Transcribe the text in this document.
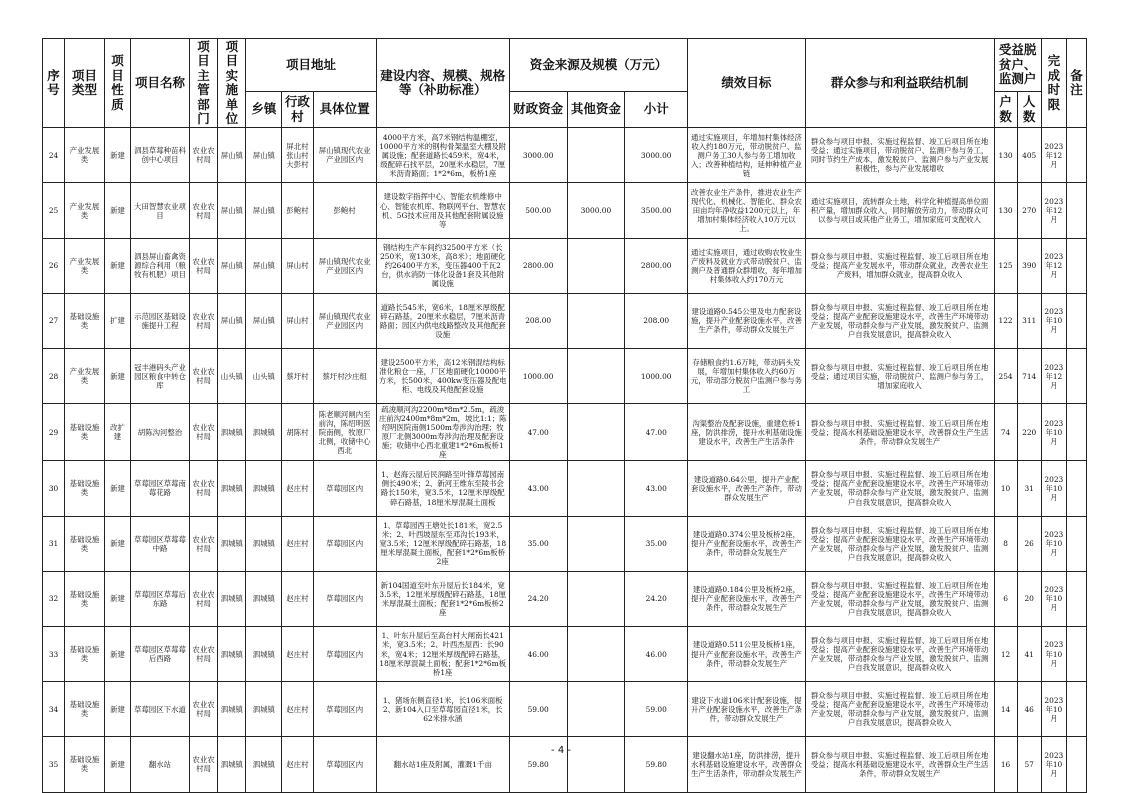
序号	项目类型	项目性质	项目名称	项目主管部门	项目实施单位	项目地址			建设内容、规模、规格等（补助标准）	资金来源及规模（万元）			绩效目标	群众参与和利益联结机制	受益脱贫户、监测户		完成时限	备注
						乡镇	行政村	具体位置		财政资金	其他资金	小计			户数	人数		
24	产业发展类	新建	泗县草莓种苗科创中心项目	农业农村局	屏山镇	屏山镇	屏北村 张山村 大彭村	屏山镇现代农业产业园区内	4000平方米，高7米钢结构温棚室，10000平方米的钢构骨架温室大棚及附属设施；配套道路长459米，宽4米，级配碎石找平层，20厘米水稳层，7厘米沥青路面；1*2*6m，板桥1座	3000.00		3000.00	通过实施项目，年增加村集体经济收入约180万元，带动脱贫户、监测户务工30人参与务工增加收入；改善种植结构，延伸种植产业链	群众参与项目申报、实施过程监督、竣工后项目所在地受益；通过实施项目，带动脱贫户、监测户参与务工，同时节约生产成本，激发脱贫户、监测户参与产业发展积极性，参与产业发展增收	130	405	2023年12月	
25	产业发展类	新建	大田智慧农业项目	农业农村局	屏山镇	屏山镇	彭鲍村	彭鲍村	建设数字指挥中心、智能农机维修中心、智能农机库、物联网平台、智慧农机、5G技术应用及其他配套附属设施等	500.00	3000.00	3500.00	改善农业生产条件，推进农业生产现代化、机械化、智能化、群众农田亩均年净收益1200元以上，年增加村集体经济收入10万元以上。	通过实施项目，流转群众土地，科学化种植提高单位面积产量，增加群众收入，同时解放劳动力，带动群众可以参与项目或其他产业务工，增加家庭可支配收入	130	270	2023年12月	
26	产业发展类	新建	泗县屏山畜禽资源综合利用（粮牧有机肥）项目	农业农村局	屏山镇	屏山镇	屏山村	屏山镇现代农业产业园区内	钢结构生产车间约32500平方米（长250米，宽130米，高8米）；地面硬化约26400平方米，变压器400千瓦2台，供水消防一体化设备1套及其他附属设施	2800.00		2800.00	通过实施项目，通过收购农牧业生产废料及就业方式带动脱贫户、监测户及普通群众群增收，每年增加村集体收入约170万元	群众参与项目申报、实施过程监督、竣工后项目所在地受益；提高产业发展水平，带动群众就业，改善农业生产废料，增加群众就业，提高群众收入	125	390	2023年12月	
27	基础设施类	扩建	示范园区基础设施提升工程	农业农村局	屏山镇	屏山镇	屏山村	屏山镇现代农业产业园区内	道路长545米，宽6米，18厘米厚级配碎石路基，20厘米水稳层，7厘米沥青路面；园区内供电线路整改及其他配套设施	208.00		208.00	建设道路0.545公里及电力配套设施，提升产业配套设施水平，改善生产条件，带动群众发展生产	群众参与项目申报、实施过程监督、竣工后项目所在地受益；提高产业配套设施建设水平，改善生产环境带动产业发展，带动群众参与产业发展，激发脱贫户、监测户自我发展意识，提高群众收入	122	311	2023年10月	
28	产业发展类	新建	冠丰港码头产业园区粮食中转仓库	农业农村局	山头镇	山头镇	蔡圩村	蔡圩村沙庄组	建设2500平方米，高12米钢混结构标准化粮仓一座，厂区地面硬化10000平方米，长500米，400kw变压器及配电柜、电线及其他配套设施	1000.00		1000.00	存储粮食约1.6万吨，带动码头发展，年增加村集体收入约60万元，带动部分脱贫户监测户参与务工	群众参与项目申报、实施过程监督、竣工后项目所在地受益；通过项目实施，带动脱贫户、监测户参与务工，增加家庭收入	254	714	2023年12月	
29	基础设施类	改扩建	胡陈沟河整治	农业农村局	泗城镇	泗城镇	胡陈村	陈老顺河闸内至前沟，陈绍明医院南侧，牧原厂北侧，收储中心西北	疏浚顺河沟2200m*8m*2.5m，疏浚庄前沟2400m*8m*2m，坡比1:1；陈绍明医院南侧1500m寿涉沟治理；牧原厂北侧3000m寿涉沟治理及配套设施；收储中心西北重建1*2*6m板桥1座	47.00		47.00	沟渠整治及配套设施，重建危桥1座，防洪排涝，提升水利基础设施建设水平，改善生产生活条件	群众参与项目申报、实施过程监督、竣工后项目所在地受益；提高水利基础设施建设水平，改善群众生产生活条件，带动群众发展生产	74	220	2023年10月	
30	基础设施类	新建	草莓园区草莓南莓花路	农业农村局	泗城镇	泗城镇	赵庄村	草莓园区内	1、赵海云屋后民润路至叶锋草莓园南侧长490米；2、新河王维东至陵书会路长150米，宽3.5米，12厘米厚级配碎石路基，18厘米厚混凝土面板	43.00		43.00	建设道路0.64公里，提升产业配套设施水平，改善生产条件，带动群众发展生产	群众参与项目申报、实施过程监督、竣工后项目所在地受益；提高产业配套设施建设水平，改善生产环境带动产业发展，带动群众参与产业发展，激发脱贫户、监测户自我发展意识，提高群众收入	10	31	2023年10月	
31	基础设施类	新建	草莓园区草莓莓中路	农业农村局	泗城镇	泗城镇	赵庄村	草莓园区内	1、草莓园西王塘处长181米，宽2.5米；2、叶西坡屋东至邓沟长193米，宽3.5米；12厘米厚级配碎石路基，18厘米厚混凝土面板，配套1*2*6m板桥2座	35.00		35.00	建设道路0.374公里及板桥2座，提升产业配套设施水平，改善生产条件，带动群众发展生产	群众参与项目申报、实施过程监督、竣工后项目所在地受益；提高产业配套设施建设水平，改善生产环境带动产业发展，带动群众参与产业发展，激发脱贫户、监测户自我发展意识，提高群众收入	8	26	2023年10月	
32	基础设施类	新建	草莓园区草莓后东路	农业农村局	泗城镇	泗城镇	赵庄村	草莓园区内	新104国道至叶东升屋后长184米，宽3.5米，12厘米厚级配碎石路基，18厘米厚混凝土面板；配套1*2*6m板桥2座	24.20		24.20	建设道路0.184公里及板桥2座，提升产业配套设施水平，改善生产条件，带动群众发展生产	群众参与项目申报、实施过程监督、竣工后项目所在地受益；提高产业配套设施建设水平，改善生产环境带动产业发展，带动群众参与产业发展，激发脱贫户、监测户自我发展意识，提高群众收入	6	20	2023年10月	
33	基础设施类	新建	草莓园区草莓莓后西路	农业农村局	泗城镇	泗城镇	赵庄村	草莓园区内	1、叶东升屋后至高台村大闸南长421米，宽3.5米；2、叶西杰屋西：长90米，宽4米；12厘米厚级配碎石路基，18厘米厚混凝土面板；配套1*2*6m板桥1座	46.00		46.00	建设道路0.511公里及板桥1座，提升产业配套设施水平，改善生产条件，带动群众发展生产	群众参与项目申报、实施过程监督、竣工后项目所在地受益；提高产业配套设施建设水平，改善生产环境带动产业发展，带动群众参与产业发展，激发脱贫户、监测户自我发展意识，提高群众收入	12	41	2023年10月	
34	基础设施类	新建	草莓园区下水道	农业农村局	泗城镇	泗城镇	赵庄村	草莓园区内	1、猪场东侧直径1米，长106米面板 2、新104入口至草莓园直径1米，长62米排水涵	59.00		59.00	建设下水道106米计配套设施，提升产业配套设施水平，改善生产条件，带动群众发展生产	群众参与项目申报、实施过程监督、竣工后项目所在地受益；提高产业配套设施建设水平，改善生产环境带动产业发展，带动群众参与产业发展，激发脱贫户、监测户自我发展意识，提高群众收入	14	46	2023年10月	
35	基础设施类	新建	翻水站	农业农村局	泗城镇	泗城镇	赵庄村	草莓园区内	翻水站1座及附属，灌溉1千亩	59.80		59.80	建设翻水站1座，防洪排涝，提升水利基础设施建设水平，改善群众生产生活条件，带动群众发展生产	群众参与项目申报、实施过程监督、竣工后项目所在地受益；提高水利基础设施建设水平，改善群众生产生活条件，带动群众发展生产	16	57	2023年10月	
- 4 -
